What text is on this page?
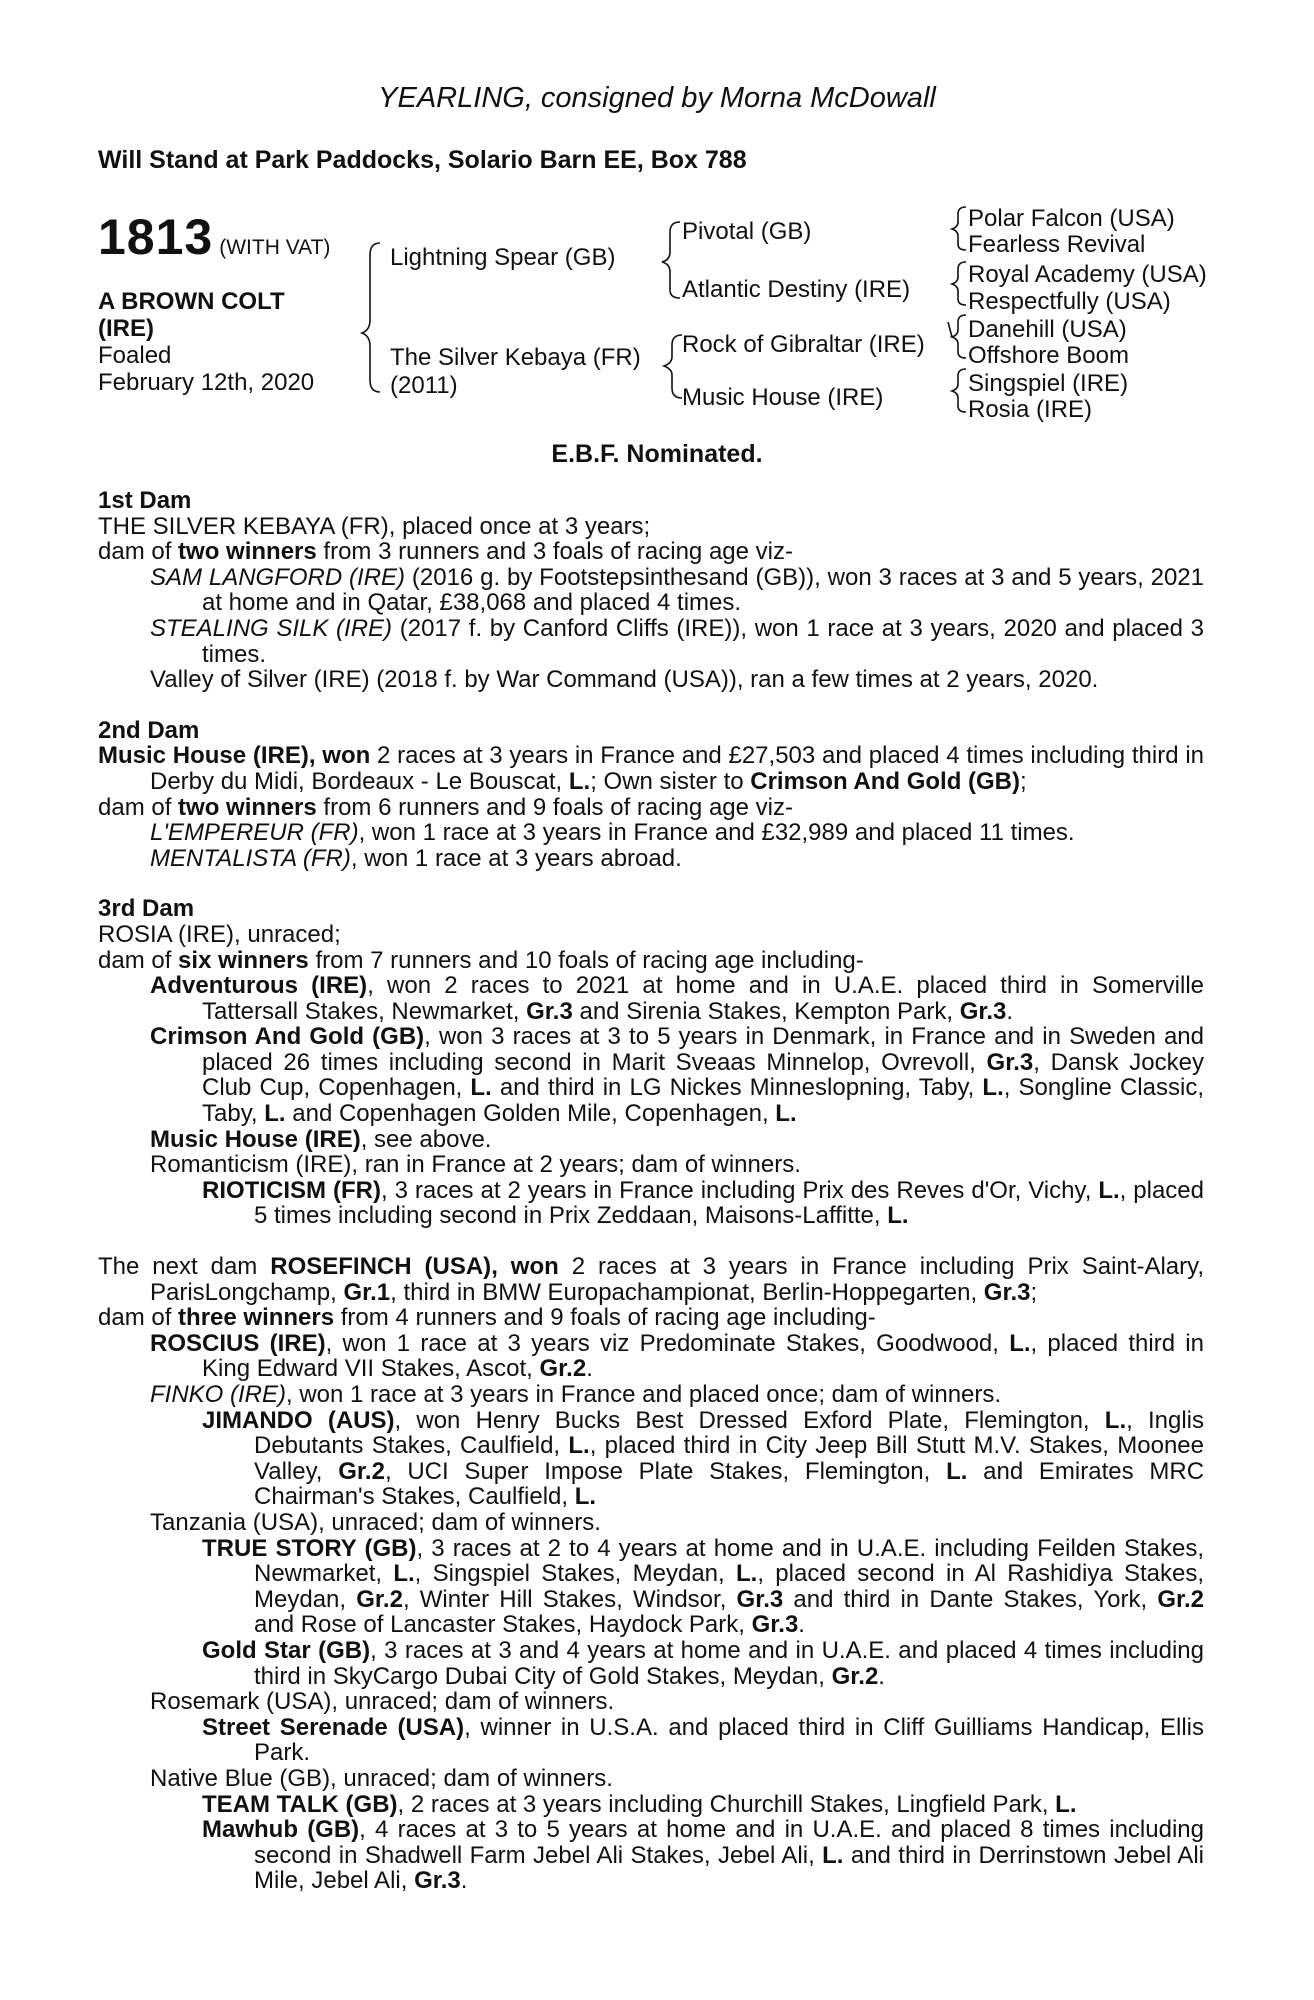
YEARLING, consigned by Morna McDowall
Will Stand at Park Paddocks, Solario Barn EE, Box 788
1813 (WITH VAT)
A BROWN COLT
(IRE)
Foaled
February 12th, 2020
Lightning Spear (GB)
The Silver Kebaya (FR)
(2011)
Pivotal (GB)
Atlantic Destiny (IRE)
Rock of Gibraltar (IRE)
Music House (IRE)
Polar Falcon (USA)
Fearless Revival
Royal Academy (USA)
Respectfully (USA)
Danehill (USA)
Offshore Boom
Singspiel (IRE)
Rosia (IRE)
E.B.F. Nominated.
1st Dam
THE SILVER KEBAYA (FR), placed once at 3 years;
dam of two winners from 3 runners and 3 foals of racing age viz-
SAM LANGFORD (IRE) (2016 g. by Footstepsinthesand (GB)), won 3 races at 3 and 5 years, 2021 at home and in Qatar, £38,068 and placed 4 times.
STEALING SILK (IRE) (2017 f. by Canford Cliffs (IRE)), won 1 race at 3 years, 2020 and placed 3 times.
Valley of Silver (IRE) (2018 f. by War Command (USA)), ran a few times at 2 years, 2020.
2nd Dam
Music House (IRE), won 2 races at 3 years in France and £27,503 and placed 4 times including third in Derby du Midi, Bordeaux - Le Bouscat, L.; Own sister to Crimson And Gold (GB);
dam of two winners from 6 runners and 9 foals of racing age viz-
L'EMPEREUR (FR), won 1 race at 3 years in France and £32,989 and placed 11 times.
MENTALISTA (FR), won 1 race at 3 years abroad.
3rd Dam
ROSIA (IRE), unraced;
dam of six winners from 7 runners and 10 foals of racing age including-
Adventurous (IRE), won 2 races to 2021 at home and in U.A.E. placed third in Somerville Tattersall Stakes, Newmarket, Gr.3 and Sirenia Stakes, Kempton Park, Gr.3.
Crimson And Gold (GB), won 3 races at 3 to 5 years in Denmark, in France and in Sweden and placed 26 times including second in Marit Sveaas Minnelop, Ovrevoll, Gr.3, Dansk Jockey Club Cup, Copenhagen, L. and third in LG Nickes Minneslopning, Taby, L., Songline Classic, Taby, L. and Copenhagen Golden Mile, Copenhagen, L.
Music House (IRE), see above.
Romanticism (IRE), ran in France at 2 years; dam of winners.
RIOTICISM (FR), 3 races at 2 years in France including Prix des Reves d'Or, Vichy, L., placed 5 times including second in Prix Zeddaan, Maisons-Laffitte, L.
The next dam ROSEFINCH (USA), won 2 races at 3 years in France including Prix Saint-Alary, ParisLongchamp, Gr.1, third in BMW Europachampionat, Berlin-Hoppegarten, Gr.3;
dam of three winners from 4 runners and 9 foals of racing age including-
ROSCIUS (IRE), won 1 race at 3 years viz Predominate Stakes, Goodwood, L., placed third in King Edward VII Stakes, Ascot, Gr.2.
FINKO (IRE), won 1 race at 3 years in France and placed once; dam of winners.
JIMANDO (AUS), won Henry Bucks Best Dressed Exford Plate, Flemington, L., Inglis Debutants Stakes, Caulfield, L., placed third in City Jeep Bill Stutt M.V. Stakes, Moonee Valley, Gr.2, UCI Super Impose Plate Stakes, Flemington, L. and Emirates MRC Chairman's Stakes, Caulfield, L.
Tanzania (USA), unraced; dam of winners.
TRUE STORY (GB), 3 races at 2 to 4 years at home and in U.A.E. including Feilden Stakes, Newmarket, L., Singspiel Stakes, Meydan, L., placed second in Al Rashidiya Stakes, Meydan, Gr.2, Winter Hill Stakes, Windsor, Gr.3 and third in Dante Stakes, York, Gr.2 and Rose of Lancaster Stakes, Haydock Park, Gr.3.
Gold Star (GB), 3 races at 3 and 4 years at home and in U.A.E. and placed 4 times including third in SkyCargo Dubai City of Gold Stakes, Meydan, Gr.2.
Rosemark (USA), unraced; dam of winners.
Street Serenade (USA), winner in U.S.A. and placed third in Cliff Guilliams Handicap, Ellis Park.
Native Blue (GB), unraced; dam of winners.
TEAM TALK (GB), 2 races at 3 years including Churchill Stakes, Lingfield Park, L.
Mawhub (GB), 4 races at 3 to 5 years at home and in U.A.E. and placed 8 times including second in Shadwell Farm Jebel Ali Stakes, Jebel Ali, L. and third in Derrinstown Jebel Ali Mile, Jebel Ali, Gr.3.
